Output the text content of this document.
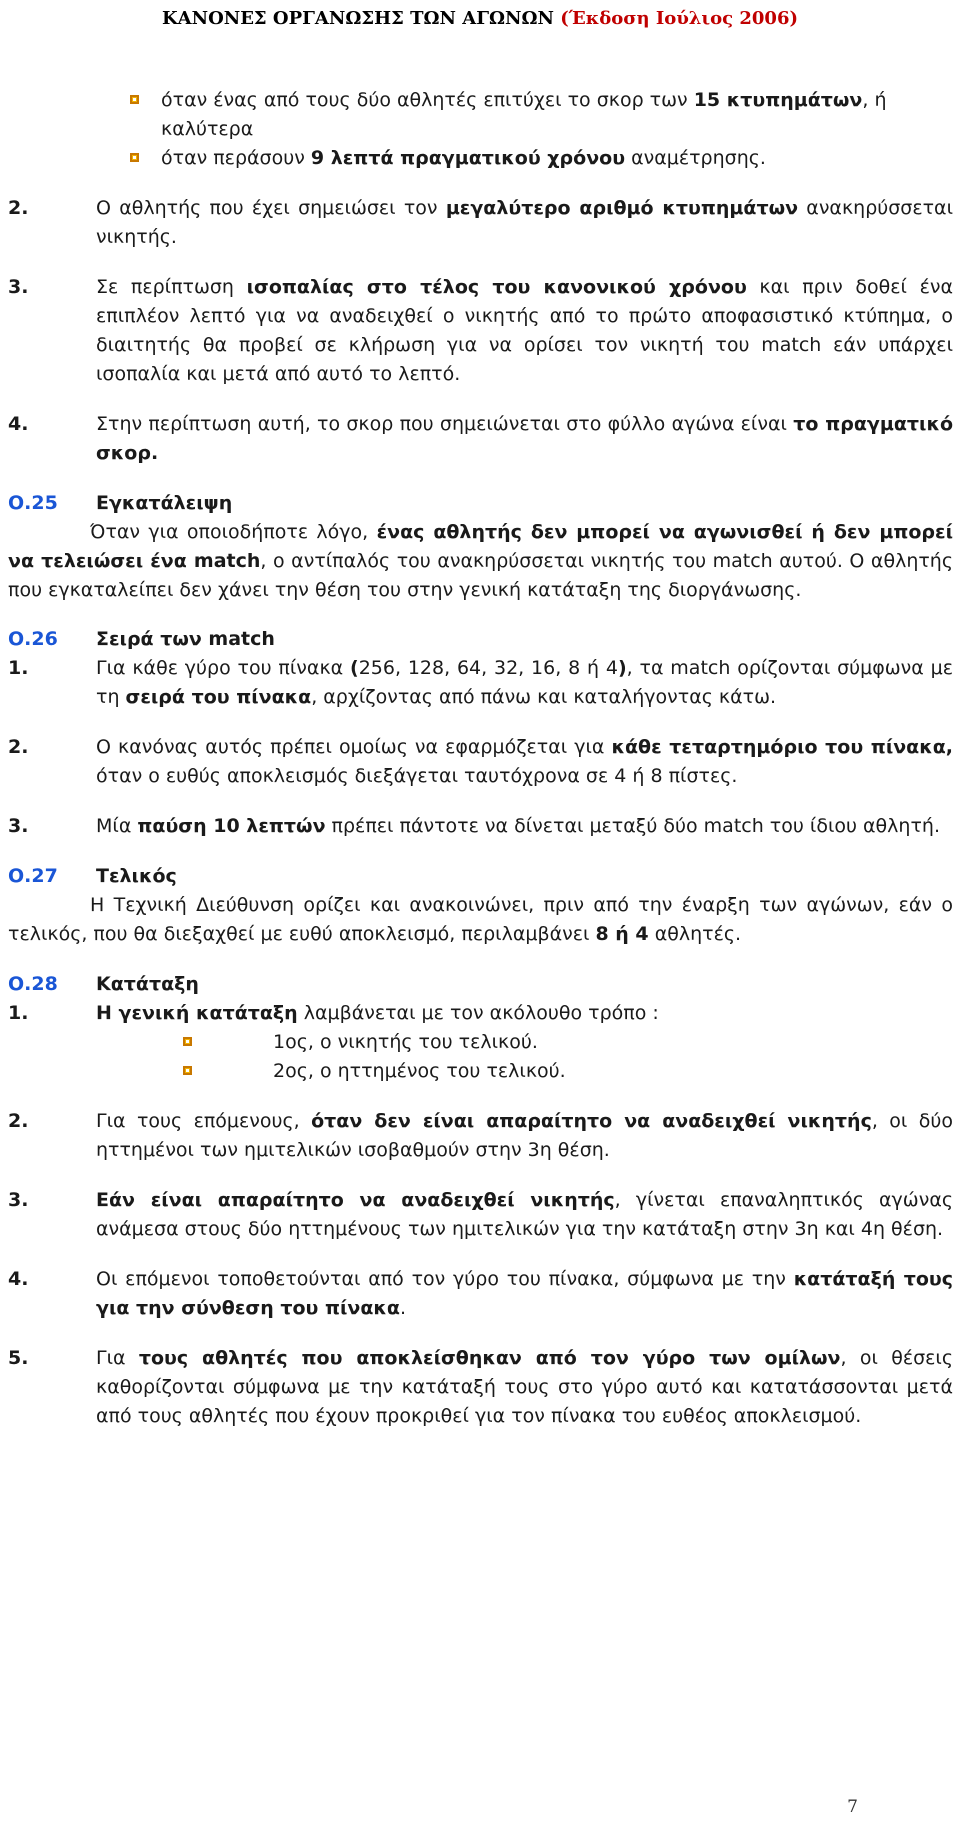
ΚΑΝΟΝΕΣ ΟΡΓΑΝΩΣΗΣ ΤΩΝ ΑΓΩΝΩΝ (Έκδοση Ιούλιος 2006)
όταν ένας από τους δύο αθλητές επιτύχει το σκορ των 15 κτυπημάτων, ή καλύτερα
όταν περάσουν 9 λεπτά πραγματικού χρόνου αναμέτρησης.
2.	Ο αθλητής που έχει σημειώσει τον μεγαλύτερο αριθμό κτυπημάτων ανακηρύσσεται νικητής.
3.	Σε περίπτωση ισοπαλίας στο τέλος του κανονικού χρόνου και πριν δοθεί ένα επιπλέον λεπτό για να αναδειχθεί ο νικητής από το πρώτο αποφασιστικό κτύπημα, ο διαιτητής θα προβεί σε κλήρωση για να ορίσει τον νικητή του match εάν υπάρχει ισοπαλία και μετά από αυτό το λεπτό.
4.	Στην περίπτωση αυτή, το σκορ που σημειώνεται στο φύλλο αγώνα είναι το πραγματικό σκορ.
Ο.25 Εγκατάλειψη
Όταν για οποιοδήποτε λόγο, ένας αθλητής δεν μπορεί να αγωνισθεί ή δεν μπορεί να τελειώσει ένα match, ο αντίπαλός του ανακηρύσσεται νικητής του match αυτού. Ο αθλητής που εγκαταλείπει δεν χάνει την θέση του στην γενική κατάταξη της διοργάνωσης.
Ο.26 Σειρά των match
1.	Για κάθε γύρο του πίνακα (256, 128, 64, 32, 16, 8 ή 4), τα match ορίζονται σύμφωνα με τη σειρά του πίνακα, αρχίζοντας από πάνω και καταλήγοντας κάτω.
2.	Ο κανόνας αυτός πρέπει ομοίως να εφαρμόζεται για κάθε τεταρτημόριο του πίνακα, όταν ο ευθύς αποκλεισμός διεξάγεται ταυτόχρονα σε 4 ή 8 πίστες.
3.	Μία παύση 10 λεπτών πρέπει πάντοτε να δίνεται μεταξύ δύο match του ίδιου αθλητή.
Ο.27 Τελικός
Η Τεχνική Διεύθυνση ορίζει και ανακοινώνει, πριν από την έναρξη των αγώνων, εάν ο τελικός, που θα διεξαχθεί με ευθύ αποκλεισμό, περιλαμβάνει 8 ή 4 αθλητές.
Ο.28 Κατάταξη
1.	Η γενική κατάταξη λαμβάνεται με τον ακόλουθο τρόπο :
1ος, ο νικητής του τελικού.
2ος, ο ηττημένος του τελικού.
2.	Για τους επόμενους, όταν δεν είναι απαραίτητο να αναδειχθεί νικητής, οι δύο ηττημένοι των ημιτελικών ισοβαθμούν στην 3η θέση.
3.	Εάν είναι απαραίτητο να αναδειχθεί νικητής, γίνεται επαναληπτικός αγώνας ανάμεσα στους δύο ηττημένους των ημιτελικών για την κατάταξη στην 3η και 4η θέση.
4.	Οι επόμενοι τοποθετούνται από τον γύρο του πίνακα, σύμφωνα με την κατάταξή τους για την σύνθεση του πίνακα.
5.	Για τους αθλητές που αποκλείσθηκαν από τον γύρο των ομίλων, οι θέσεις καθορίζονται σύμφωνα με την κατάταξή τους στο γύρο αυτό και κατατάσσονται μετά από τους αθλητές που έχουν προκριθεί για τον πίνακα του ευθέος αποκλεισμού.
7
